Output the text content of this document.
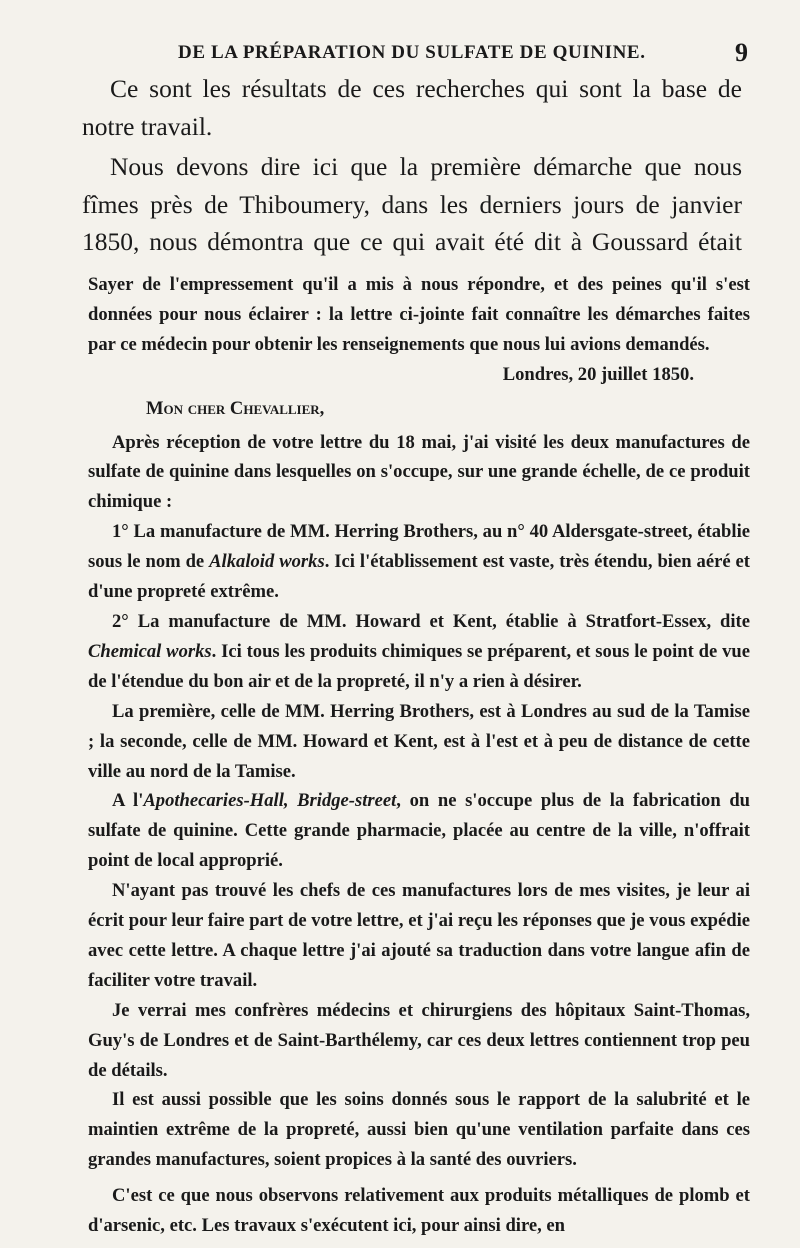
DE LA PRÉPARATION DU SULFATE DE QUININE.	9

Ce sont les résultats de ces recherches qui sont la base de notre travail.

Nous devons dire ici que la première démarche que nous fîmes près de Thiboumery, dans les derniers jours de janvier 1850, nous démontra que ce qui avait été dit à Goussard était

Sayer de l'empressement qu'il a mis à nous répondre, et des peines qu'il s'est données pour nous éclairer : la lettre ci-jointe fait connaître les démarches faites par ce médecin pour obtenir les renseignements que nous lui avions demandés.

Londres, 20 juillet 1850.

Mon cher Chevallier,

Après réception de votre lettre du 18 mai, j'ai visité les deux manufactures de sulfate de quinine dans lesquelles on s'occupe, sur une grande échelle, de ce produit chimique :

1° La manufacture de MM. Herring Brothers, au n° 40 Aldersgate-street, établie sous le nom de Alkaloid works. Ici l'établissement est vaste, très étendu, bien aéré et d'une propreté extrême.

2° La manufacture de MM. Howard et Kent, établie à Stratfort-Essex, dite Chemical works. Ici tous les produits chimiques se préparent, et sous le point de vue de l'étendue du bon air et de la propreté, il n'y a rien à désirer.

La première, celle de MM. Herring Brothers, est à Londres au sud de la Tamise ; la seconde, celle de MM. Howard et Kent, est à l'est et à peu de distance de cette ville au nord de la Tamise.

A l'Apothecaries-Hall, Bridge-street, on ne s'occupe plus de la fabrication du sulfate de quinine. Cette grande pharmacie, placée au centre de la ville, n'offrait point de local approprié.

N'ayant pas trouvé les chefs de ces manufactures lors de mes visites, je leur ai écrit pour leur faire part de votre lettre, et j'ai reçu les réponses que je vous expédie avec cette lettre. A chaque lettre j'ai ajouté sa traduction dans votre langue afin de faciliter votre travail.

Je verrai mes confrères médecins et chirurgiens des hôpitaux Saint-Thomas, Guy's de Londres et de Saint-Barthélemy, car ces deux lettres contiennent trop peu de détails.

Il est aussi possible que les soins donnés sous le rapport de la salubrité et le maintien extrême de la propreté, aussi bien qu'une ventilation parfaite dans ces grandes manufactures, soient propices à la santé des ouvriers.

C'est ce que nous observons relativement aux produits métalliques de plomb et d'arsenic, etc. Les travaux s'exécutent ici, pour ainsi dire, en
